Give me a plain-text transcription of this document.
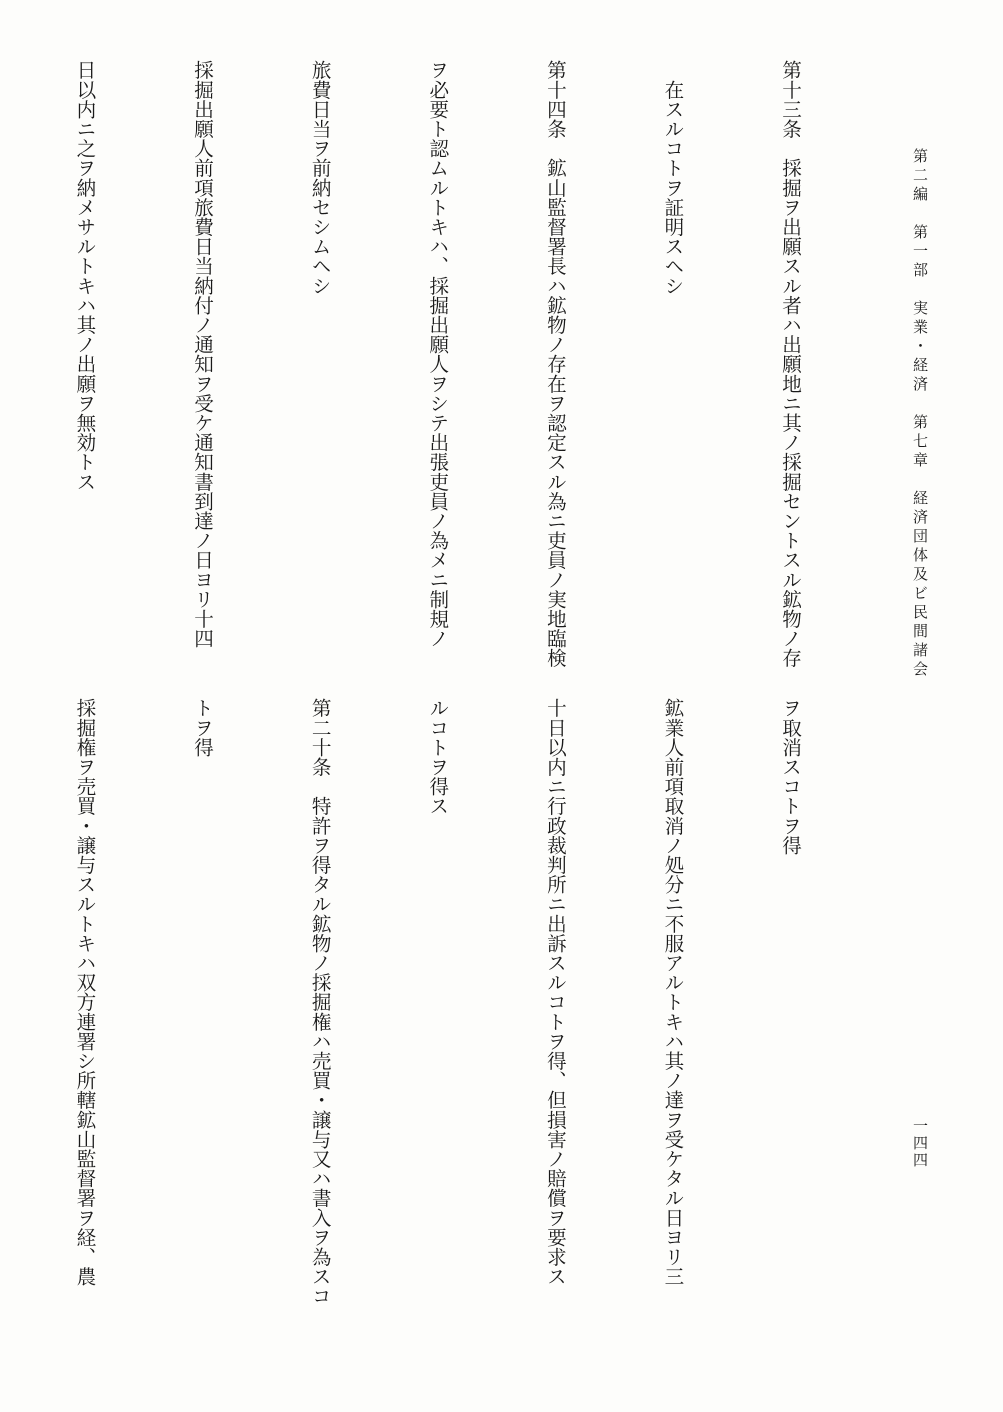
第二編　第一部　実業・経済　第七章　経済団体及ビ民間諸会
一四四

第十三条　採掘ヲ出願スル者ハ出願地ニ其ノ採掘セントスル鉱物ノ存

　在スルコトヲ証明スヘシ

第十四条　鉱山監督署長ハ鉱物ノ存在ヲ認定スル為ニ吏員ノ実地臨検

ヲ必要ト認ムルトキハ、採掘出願人ヲシテ出張吏員ノ為メニ制規ノ

旅費日当ヲ前納セシムヘシ

採掘出願人前項旅費日当納付ノ通知ヲ受ケ通知書到達ノ日ヨリ十四

日以内ニ之ヲ納メサルトキハ其ノ出願ヲ無効トス

ヲ取消スコトヲ得

鉱業人前項取消ノ処分ニ不服アルトキハ其ノ達ヲ受ケタル日ヨリ三

十日以内ニ行政裁判所ニ出訴スルコトヲ得、但損害ノ賠償ヲ要求ス

ルコトヲ得ス

第二十条　特許ヲ得タル鉱物ノ採掘権ハ売買・譲与又ハ書入ヲ為スコ

トヲ得

採掘権ヲ売買・譲与スルトキハ双方連署シ所轄鉱山監督署ヲ経、農
